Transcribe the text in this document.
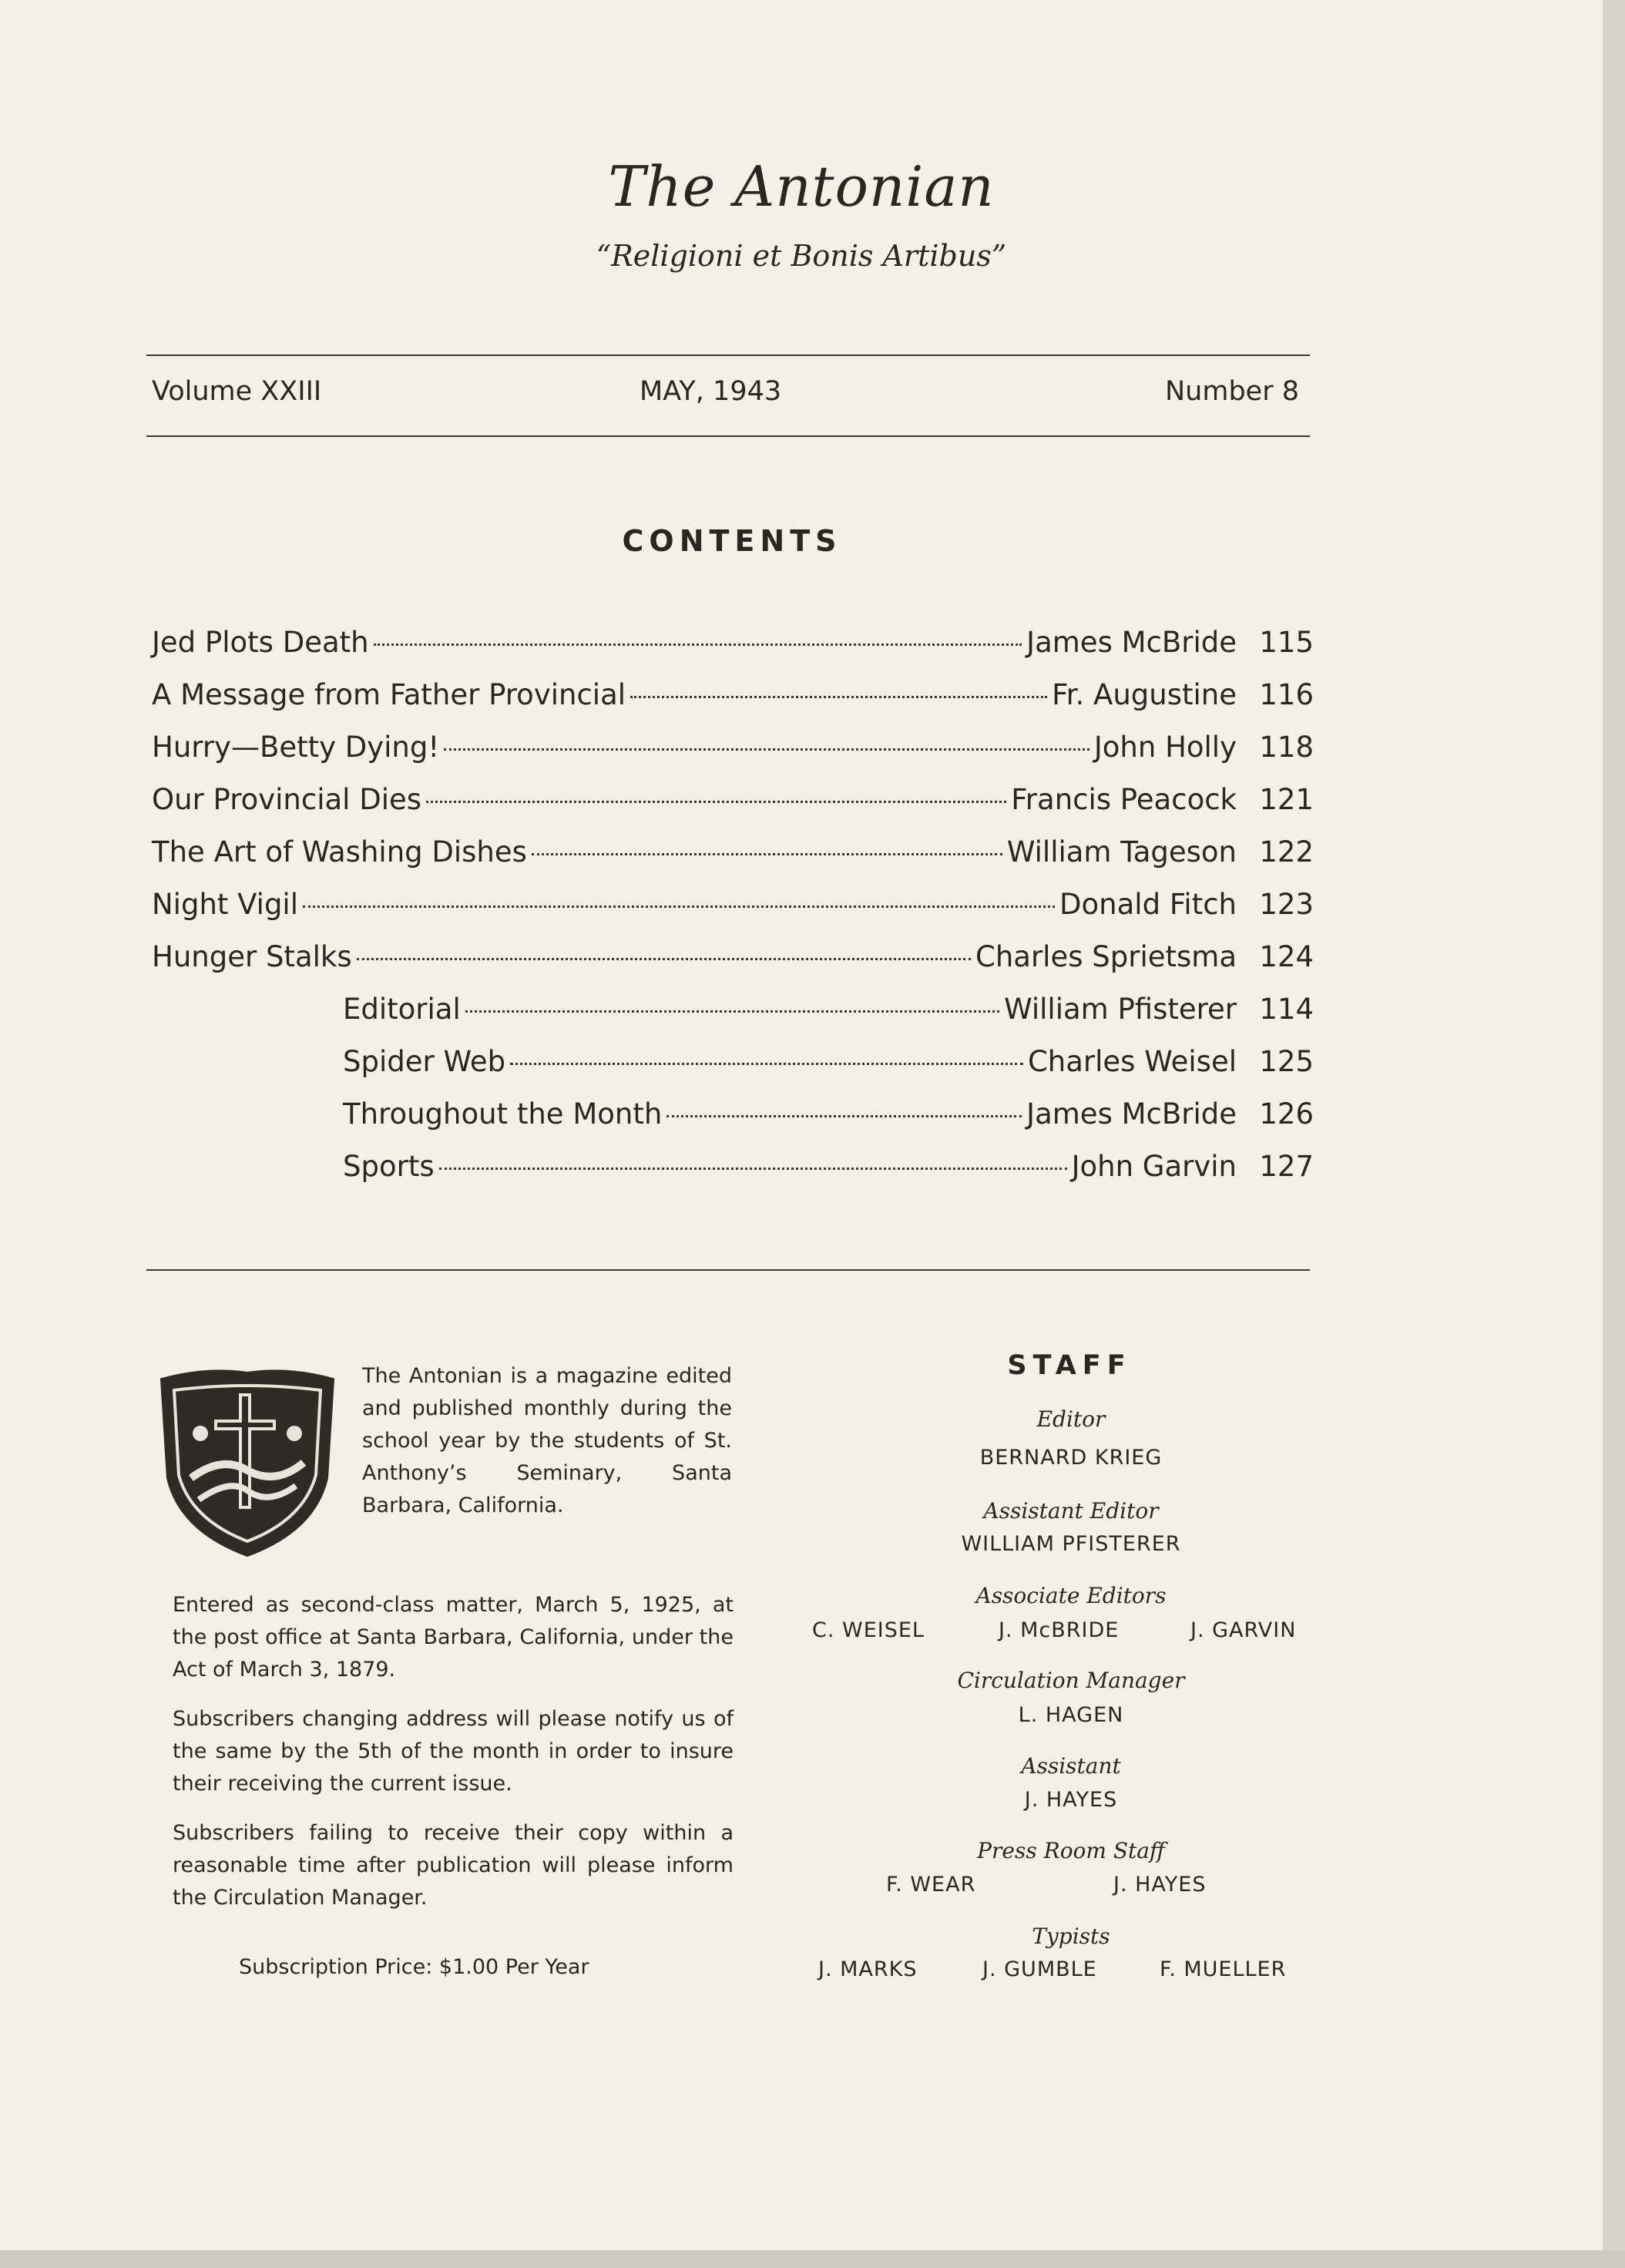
The Antonian
“Religioni et Bonis Artibus”
Volume XXIII	MAY, 1943	Number 8
CONTENTS
Jed Plots Death	James McBride 115
A Message from Father Provincial	Fr. Augustine 116
Hurry—Betty Dying!	John Holly 118
Our Provincial Dies	Francis Peacock 121
The Art of Washing Dishes	William Tageson 122
Night Vigil	Donald Fitch 123
Hunger Stalks	Charles Sprietsma 124
Editorial	William Pfisterer 114
Spider Web	Charles Weisel 125
Throughout the Month	James McBride 126
Sports	John Garvin 127
The Antonian is a magazine edited and published monthly during the school year by the students of St. Anthony’s Seminary, Santa Barbara, California.
Entered as second-class matter, March 5, 1925, at the post office at Santa Barbara, California, under the Act of March 3, 1879.
Subscribers changing address will please notify us of the same by the 5th of the month in order to insure their receiving the current issue.
Subscribers failing to receive their copy within a reasonable time after publication will please inform the Circulation Manager.
Subscription Price: $1.00 Per Year
STAFF
Editor
BERNARD KRIEG
Assistant Editor
WILLIAM PFISTERER
Associate Editors
C. WEISEL	J. McBRIDE	J. GARVIN
Circulation Manager
L. HAGEN
Assistant
J. HAYES
Press Room Staff
F. WEAR	J. HAYES
Typists
J. MARKS	J. GUMBLE	F. MUELLER
